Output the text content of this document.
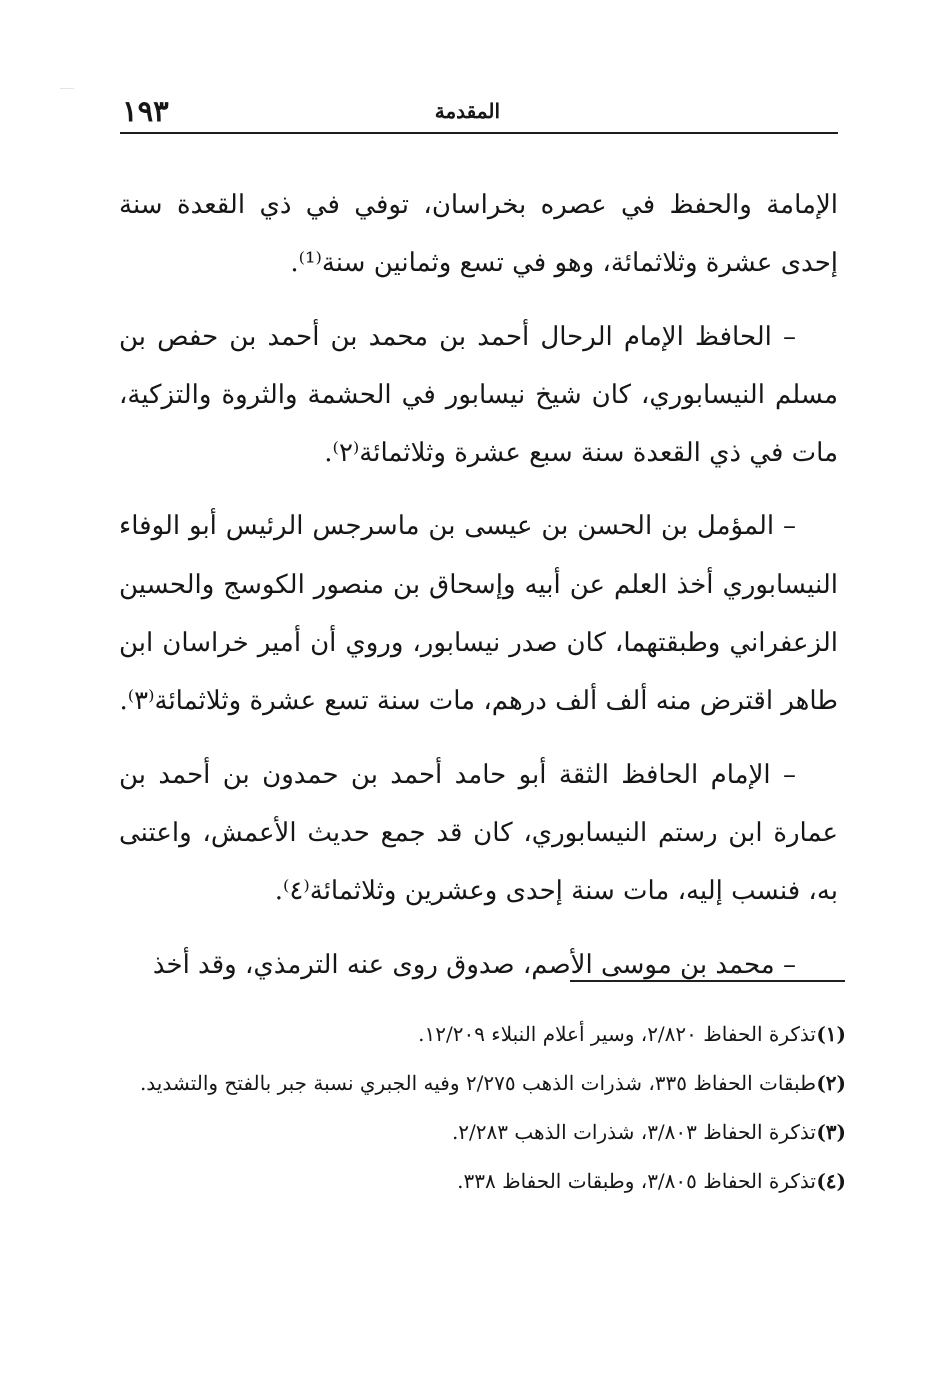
١٩٣	المقدمة

الإمامة والحفظ في عصره بخراسان، توفي في ذي القعدة سنة إحدى عشرة وثلاثمائة، وهو في تسع وثمانين سنة⁽¹⁾.

– الحافظ الإمام الرحال أحمد بن محمد بن أحمد بن حفص بن مسلم النيسابوري، كان شيخ نيسابور في الحشمة والثروة والتزكية، مات في ذي القعدة سنة سبع عشرة وثلاثمائة⁽٢⁾.

– المؤمل بن الحسن بن عيسى بن ماسرجس الرئيس أبو الوفاء النيسابوري أخذ العلم عن أبيه وإسحاق بن منصور الكوسج والحسين الزعفراني وطبقتهما، كان صدر نيسابور، وروي أن أمير خراسان ابن طاهر اقترض منه ألف ألف درهم، مات سنة تسع عشرة وثلاثمائة⁽٣⁾.

– الإمام الحافظ الثقة أبو حامد أحمد بن حمدون بن أحمد بن عمارة ابن رستم النيسابوري، كان قد جمع حديث الأعمش، واعتنى به، فنسب إليه، مات سنة إحدى وعشرين وثلاثمائة⁽٤⁾.

– محمد بن موسى الأصم، صدوق روى عنه الترمذي، وقد أخذ

(١)
تذكرة الحفاظ ٢/٨٢٠، وسير أعلام النبلاء ١٢/٢٠٩.
(٢)
طبقات الحفاظ ٣٣٥، شذرات الذهب ٢/٢٧٥ وفيه الجبري نسبة جبر بالفتح والتشديد.
(٣)
تذكرة الحفاظ ٣/٨٠٣، شذرات الذهب ٢/٢٨٣.
(٤)
تذكرة الحفاظ ٣/٨٠٥، وطبقات الحفاظ ٣٣٨.
